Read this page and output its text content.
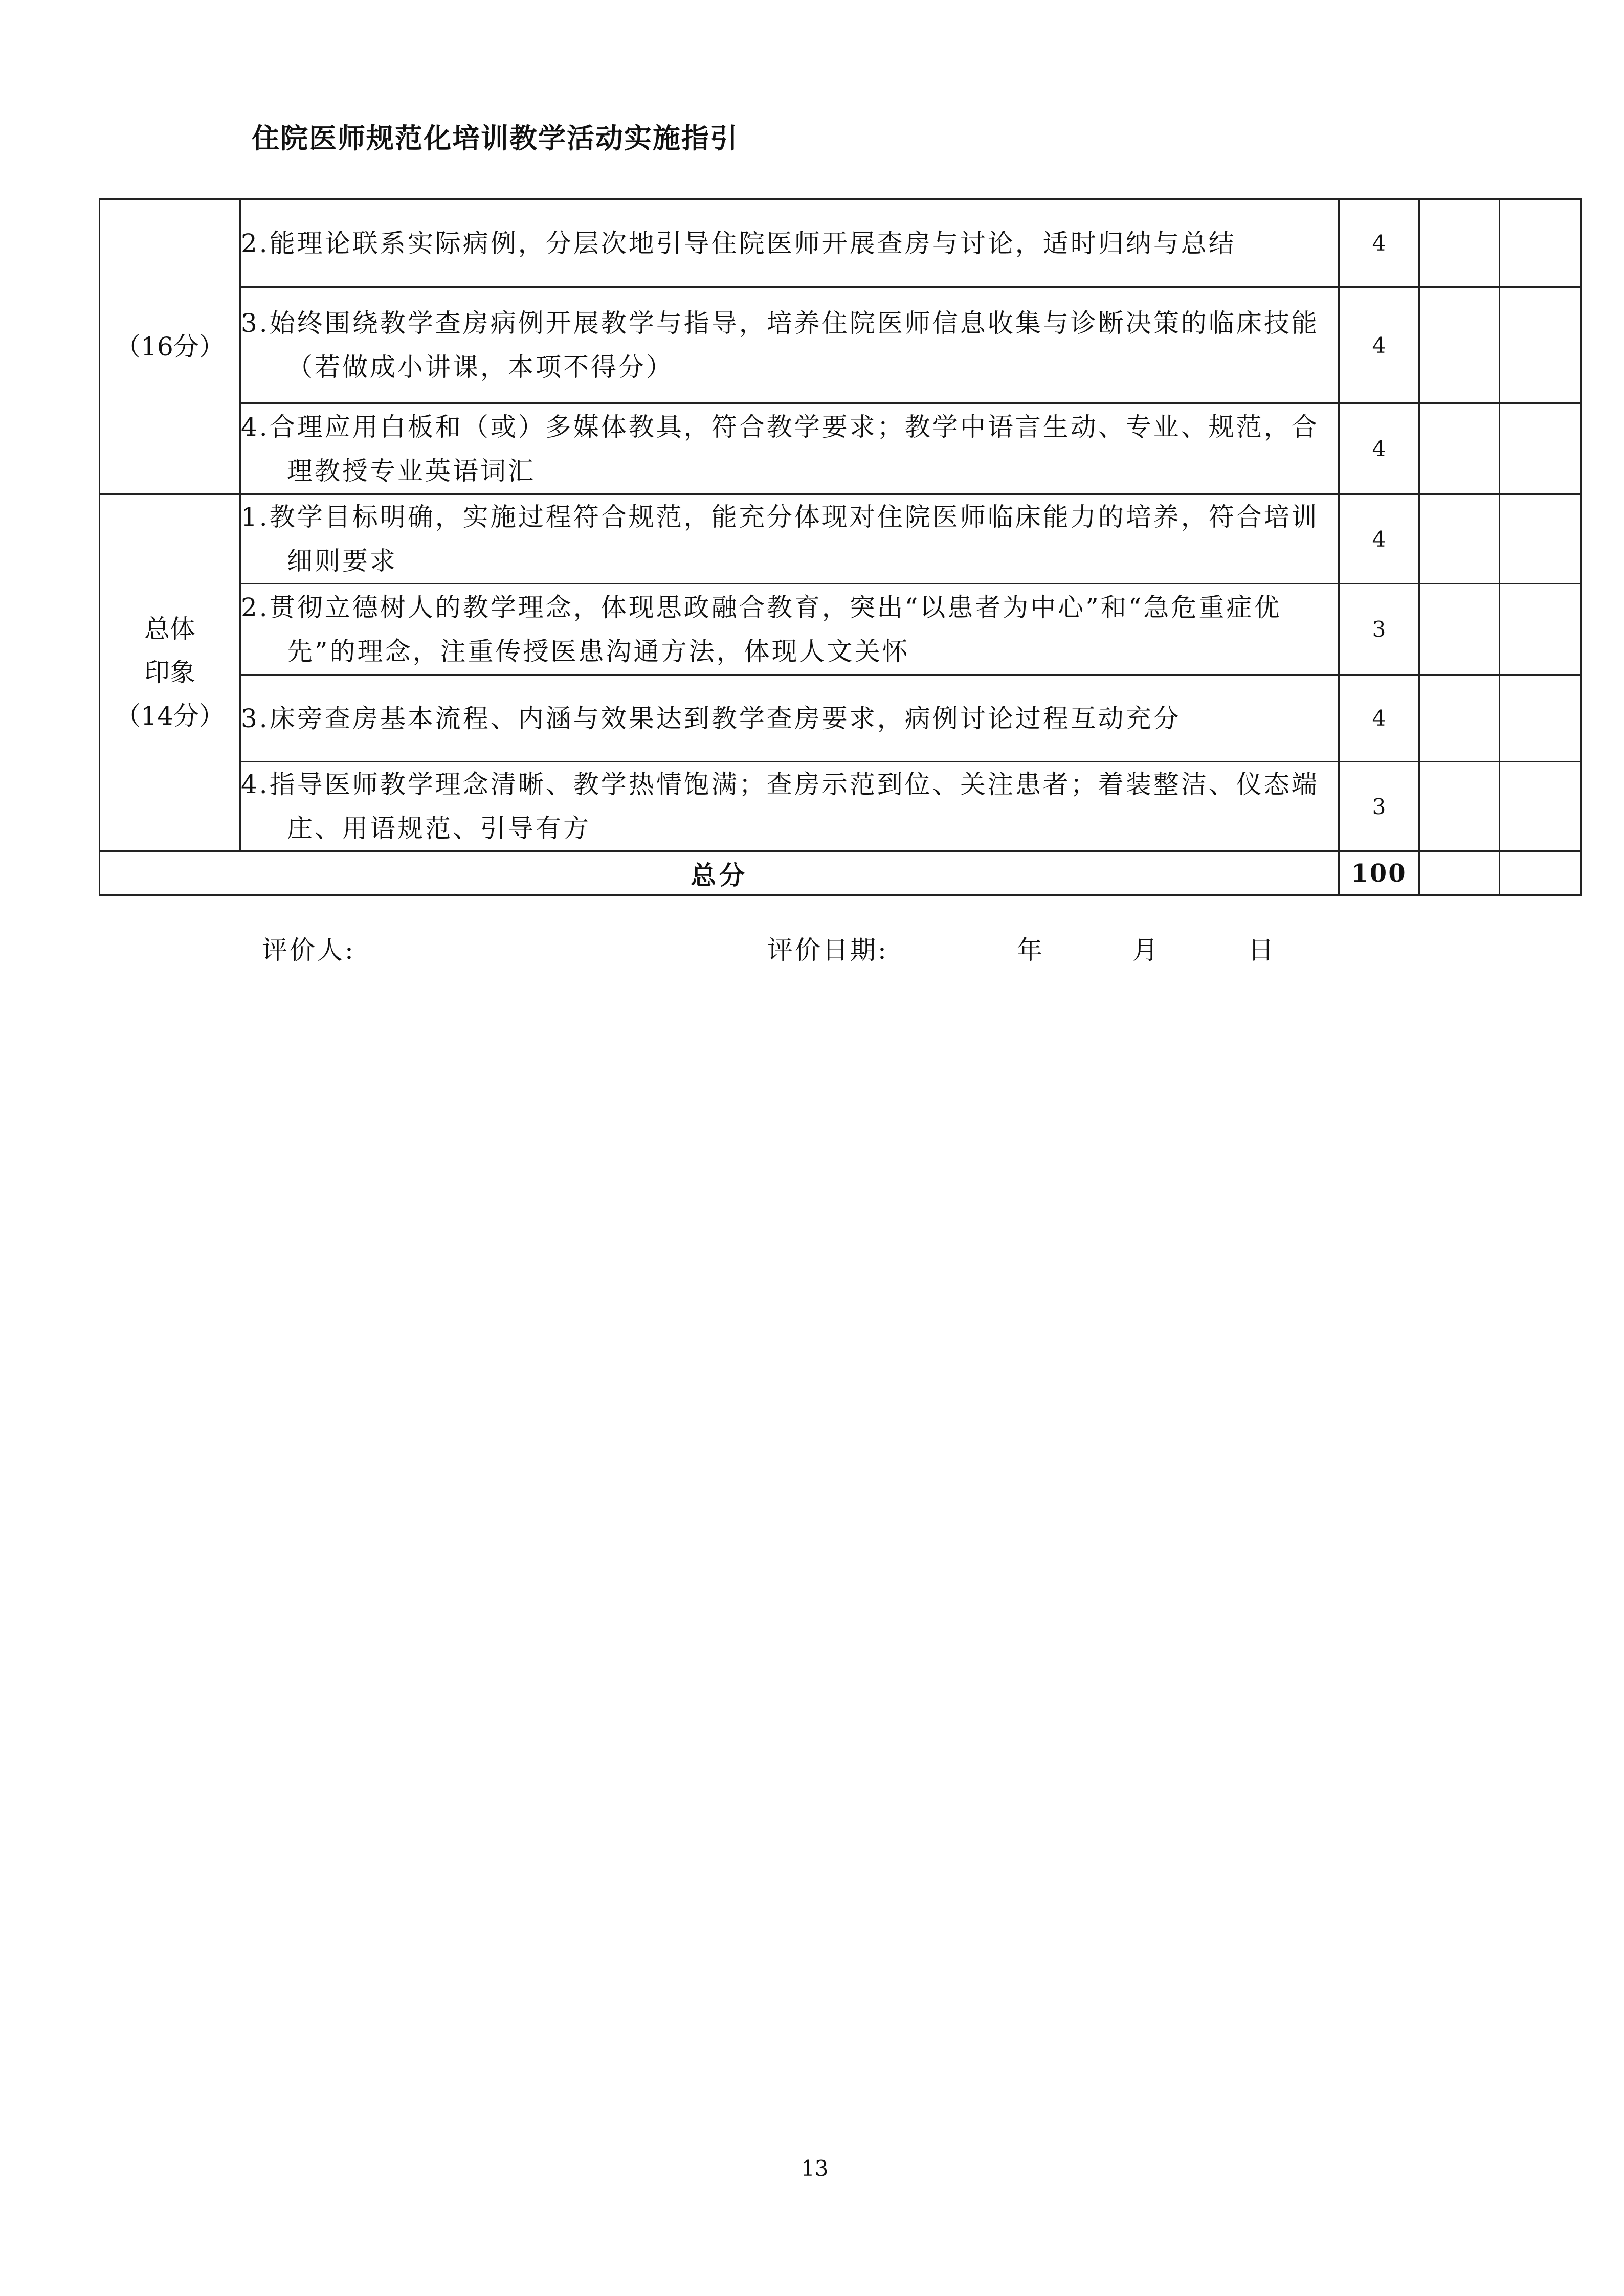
住院医师规范化培训教学活动实施指引
（16分）	2.能理论联系实际病例，分层次地引导住院医师开展查房与讨论，适时归纳与总结	4		

	3.始终围绕教学查房病例开展教学与指导，培养住院医师信息收集与诊断决策的临床技能（若做成小讲课，本项不得分）	4		

	4.合理应用白板和（或）多媒体教具，符合教学要求；教学中语言生动、专业、规范，合理教授专业英语词汇	4		

总体
印象
（14分）	1.教学目标明确，实施过程符合规范，能充分体现对住院医师临床能力的培养，符合培训细则要求	4		

	2.贯彻立德树人的教学理念，体现思政融合教育，突出“以患者为中心”和“急危重症优先”的理念，注重传授医患沟通方法，体现人文关怀	3		

	3.床旁查房基本流程、内涵与效果达到教学查房要求，病例讨论过程互动充分	4		

	4.指导医师教学理念清晰、教学热情饱满；查房示范到位、关注患者；着装整洁、仪态端庄、用语规范、引导有方	3		
总分		100		
评价人:	评价日期:	年	月	日
13
